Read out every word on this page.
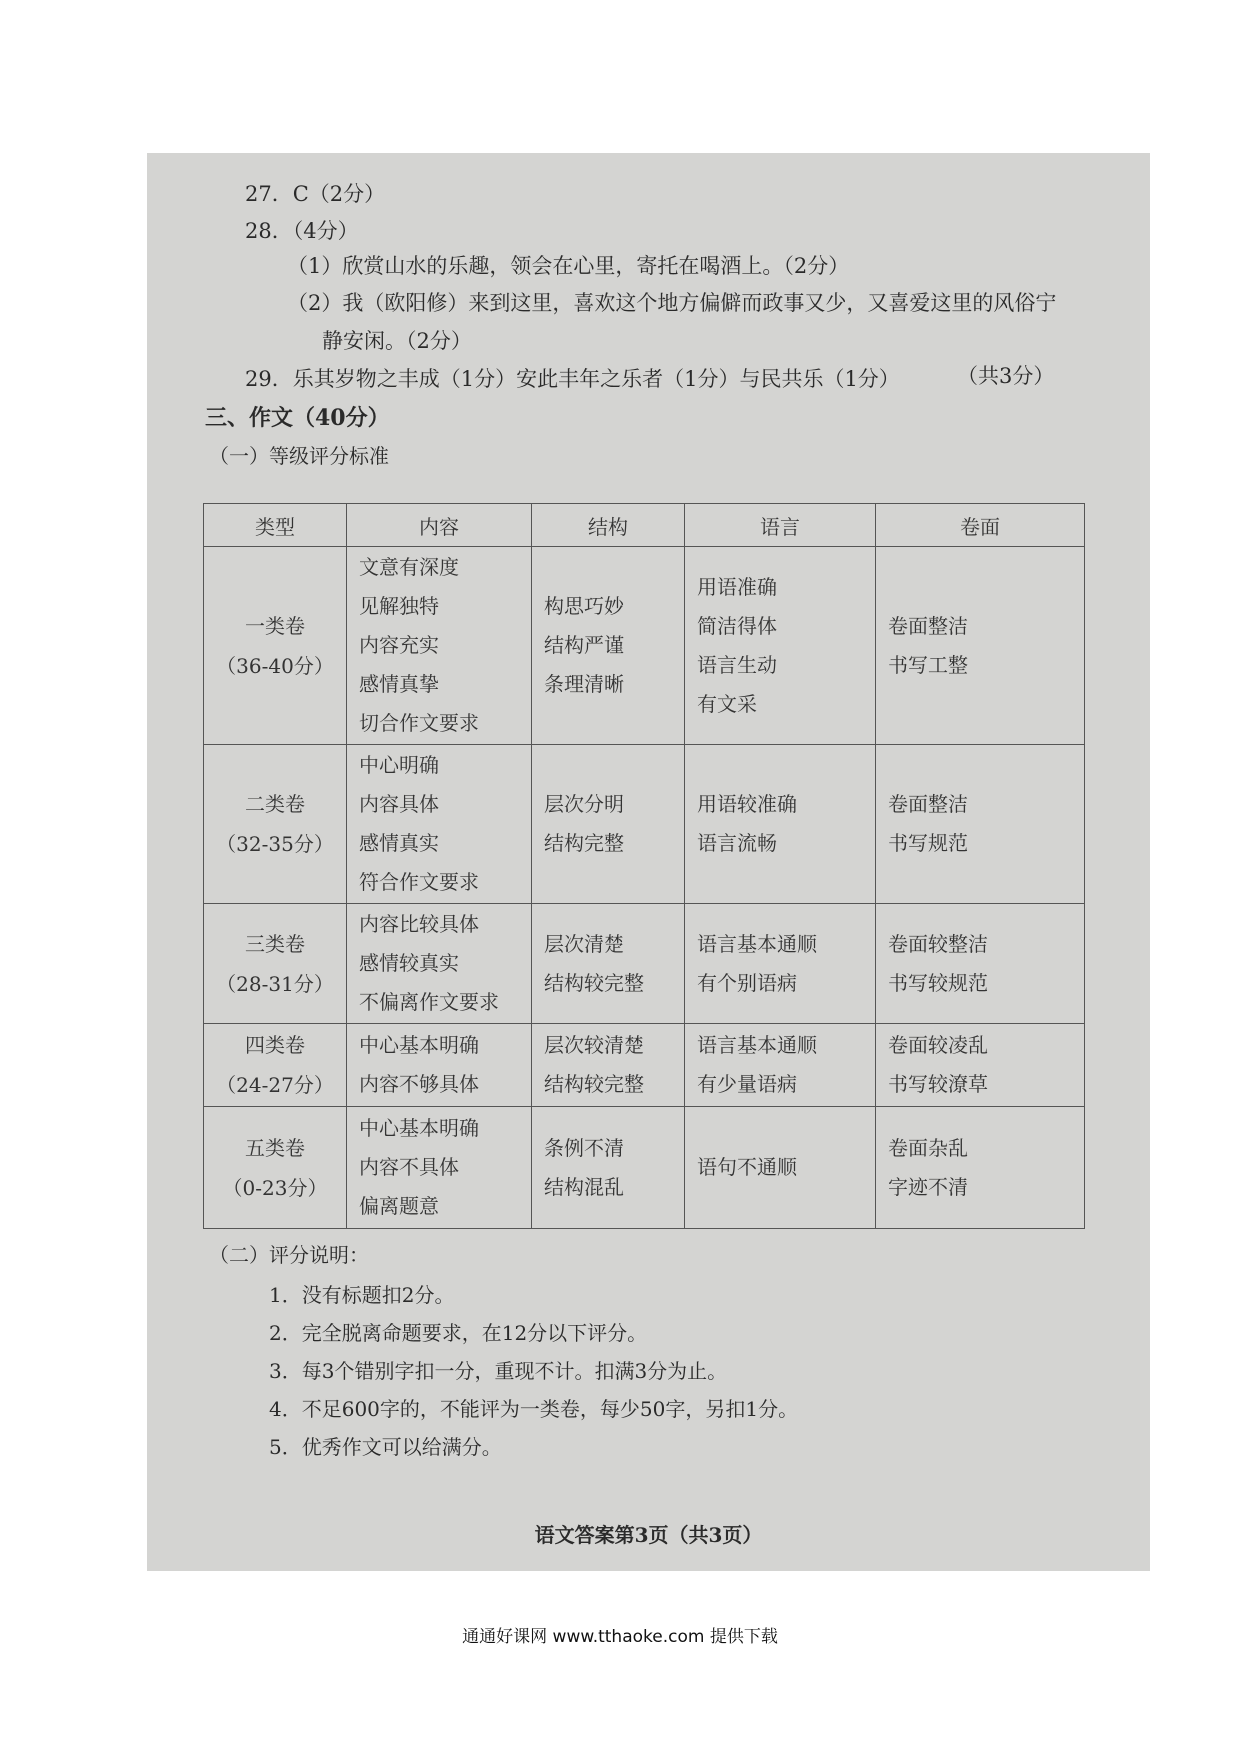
27．C（2分）
28．（4分）
（1）欣赏山水的乐趣，领会在心里，寄托在喝酒上。（2分）
（2）我（欧阳修）来到这里，喜欢这个地方偏僻而政事又少，又喜爱这里的风俗宁
静安闲。（2分）
29．乐其岁物之丰成（1分）安此丰年之乐者（1分）与民共乐（1分）	（共3分）
三、作文（40分）
（一）等级评分标准
类型	内容	结构	语言	卷面

一类卷
（36-40分）	文意有深度
见解独特
内容充实
感情真挚
切合作文要求	构思巧妙
结构严谨
条理清晰	用语准确
简洁得体
语言生动
有文采	卷面整洁
书写工整

二类卷
（32-35分）	中心明确
内容具体
感情真实
符合作文要求	层次分明
结构完整	用语较准确
语言流畅	卷面整洁
书写规范

三类卷
（28-31分）	内容比较具体
感情较真实
不偏离作文要求	层次清楚
结构较完整	语言基本通顺
有个别语病	卷面较整洁
书写较规范

四类卷
（24-27分）	中心基本明确
内容不够具体	层次较清楚
结构较完整	语言基本通顺
有少量语病	卷面较凌乱
书写较潦草

五类卷
（0-23分）	中心基本明确
内容不具体
偏离题意	条例不清
结构混乱	语句不通顺	卷面杂乱
字迹不清
（二）评分说明：
1．没有标题扣2分。
2．完全脱离命题要求，在12分以下评分。
3．每3个错别字扣一分，重现不计。扣满3分为止。
4．不足600字的，不能评为一类卷，每少50字，另扣1分。
5．优秀作文可以给满分。
语文答案第3页（共3页）
通通好课网 www.tthaoke.com 提供下载
